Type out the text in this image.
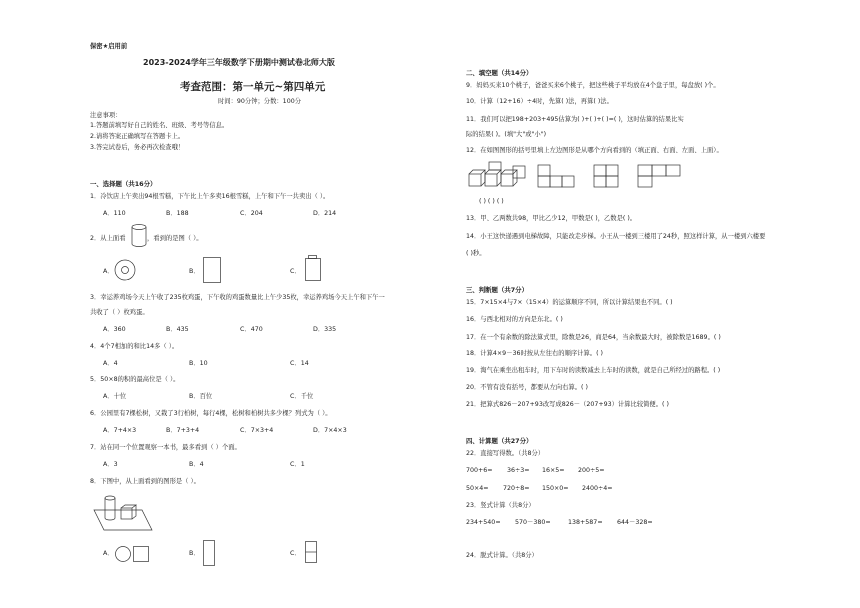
保密★启用前
2023-2024学年三年级数学下册期中测试卷北师大版
考查范围：第一单元~第四单元
时间：90分钟；分数：100分
注意事项：
1.答题前填写好自己的姓名、班级、考号等信息。
2.请将答案正确填写在答题卡上。
3.答完试卷后，务必再次检查哦！
一、选择题（共16分）
1．冷饮店上午卖出94根雪糕，下午比上午多卖16根雪糕，上午和下午一共卖出（ ）。
A．110	B．188	C．204	D．214
2．从上面看	，看到的是图（ ）。
A．	B．	C．
3．幸运养鸡场今天上午收了235枚鸡蛋，下午收的鸡蛋数量比上午少35枚，幸运养鸡场今天上午和下午一
共收了（ ）枚鸡蛋。
A．360	B．435	C．470	D．335
4．4个7相加的和比14多（ ）。
A．4	B．10	C．14
5．50×8的积的最高位是（ ）。
A．十位	B．百位	C．千位
6．公园里有7棵松树，又栽了3行柏树，每行4棵，松树和柏树共多少棵？列式为（ ）。
A．7+4×3	B．7+3+4	C．7×3+4	D．7×4×3
7．站在同一个位置观察一本书，最多看到（ ）个面。
A．3	B．4	C．1
8．下图中，从上面看到的图形是（ ）。
A．	B．	C．
二、填空题（共14分）
9．妈妈买来10个桃子，爸爸买来6个桃子，把这些桃子平均放在4个盘子里，每盘放( )个。
10．计算（12+16）÷4时，先算( )法，再算( )法。
11．我们可以把198+203+495估算为( )+( )+( )=( )，这时估算的结果比实
际的结果( )。(填"大"或"小")
12．在如图图形的括号里填上左边图形是从哪个方向看到的（填正面、右面、左面、上面）。
( ) ( ) ( )
13．甲、乙两数共98，甲比乙少12，甲数是( )，乙数是( )。
14．小王这快递遇到电梯故障，只能改走步梯。小王从一楼到三楼用了24秒，照这样计算，从一楼到六楼要
( )秒。
三、判断题（共7分）
15．7×15×4与7×（15×4）的运算顺序不同，所以计算结果也不同。( )
16．与西北相对的方向是东北。( )
17．在一个有余数的除法算式里，除数是26，商是64，当余数最大时，被除数是1689。( )
18．计算4×9－36时按从左往右的顺序计算。( )
19．淘气在乘坐出租车时，用下车时的读数减去上车时的读数，就是自己所经过的路程。( )
20．不管有没有括号，都要从左向右算。( )
21．把算式826－207+93改写成826－（207+93）计算比较简便。( )
四、计算题（共27分）
22．直接写得数。（共8分）
700+6= 36÷3= 16×5= 200÷5=
50×4= 720÷8= 150×0= 2400÷4=
23．竖式计算（共8分）
234+540= 570－380=	138+587= 644－328=
24．脱式计算。（共8分）
